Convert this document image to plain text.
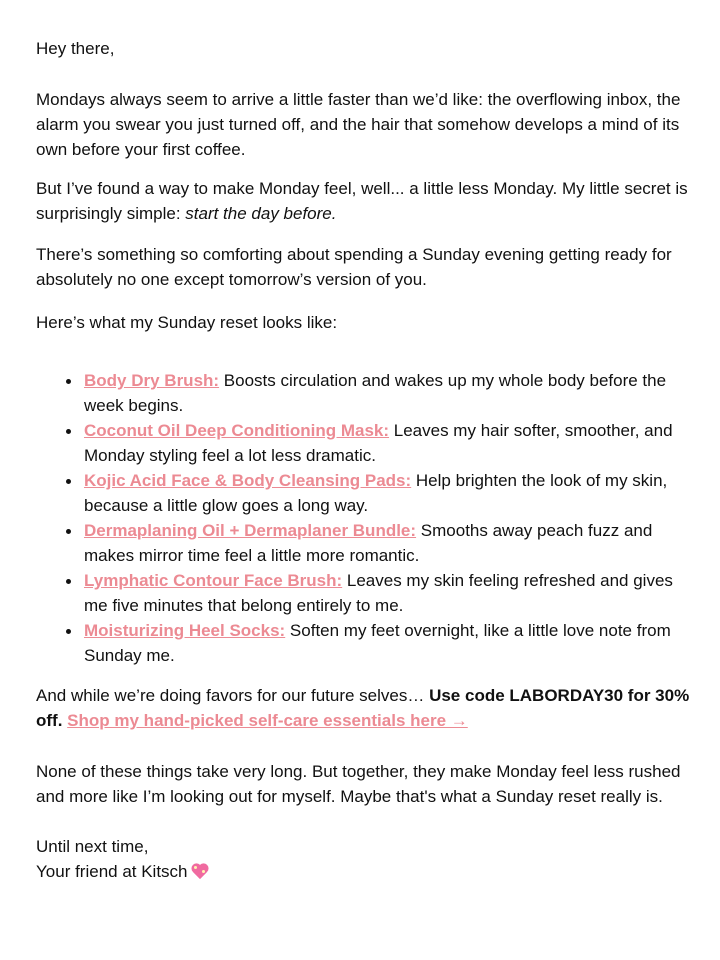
Hey there,

Mondays always seem to arrive a little faster than we’d like: the overflowing inbox, the alarm you swear you just turned off, and the hair that somehow develops a mind of its own before your first coffee.

But I’ve found a way to make Monday feel, well... a little less Monday. My little secret is surprisingly simple: start the day before.

There’s something so comforting about spending a Sunday evening getting ready for absolutely no one except tomorrow’s version of you.

Here’s what my Sunday reset looks like:

Body Dry Brush: Boosts circulation and wakes up my whole body before the week begins.
Coconut Oil Deep Conditioning Mask: Leaves my hair softer, smoother, and Monday styling feel a lot less dramatic.
Kojic Acid Face & Body Cleansing Pads: Help brighten the look of my skin, because a little glow goes a long way.
Dermaplaning Oil + Dermaplaner Bundle: Smooths away peach fuzz and makes mirror time feel a little more romantic.
Lymphatic Contour Face Brush: Leaves my skin feeling refreshed and gives me five minutes that belong entirely to me.
Moisturizing Heel Socks: Soften my feet overnight, like a little love note from Sunday me.

And while we’re doing favors for our future selves… Use code LABORDAY30 for 30% off. Shop my hand-picked self-care essentials here →

None of these things take very long. But together, they make Monday feel less rushed and more like I’m looking out for myself. Maybe that's what a Sunday reset really is.

Until next time,
Your friend at Kitsch
